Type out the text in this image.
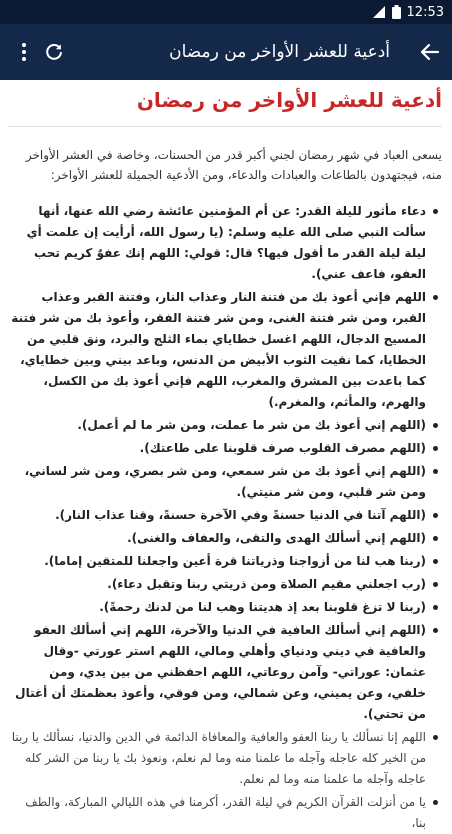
12:53
أدعية للعشر الأواخر من رمضان
أدعية للعشر الأواخر من رمضان

يسعى العباد في شهر رمضان لجني أكبر قدر من الحسنات، وخاصة في العشر الأواخر منه، فيجتهدون بالطاعات والعبادات والدعاء، ومن الأدعية الجميلة للعشر الأواخر:

دعاء مأثور لليلة القدر: عن أم المؤمنين عائشة رضي الله عنها، أنها سألت النبي صلى الله عليه وسلم: (يا رسول الله، أرأيت إن علمت أي ليلة ليلة القدر ما أقول فيها؟ قال: قولي: اللهم إنك عفوٌ كريم تحب العفو، فاعف عني).
اللهم فإني أعوذ بك من فتنة النار وعذاب النار، وفتنة القبر وعذاب القبر، ومن شر فتنة الغنى، ومن شر فتنة الفقر، وأعوذ بك من شر فتنة المسيح الدجال، اللهم اغسل خطاياي بماء الثلج والبرد، ونق قلبي من الخطايا، كما نقيت الثوب الأبيض من الدنس، وباعد بيني وبين خطاياي، كما باعدت بين المشرق والمغرب، اللهم فإني أعوذ بك من الكسل، والهرم، والمأثم، والمغرم.)
(اللهم إني أعوذ بك من شر ما عملت، ومن شر ما لم أعمل).
(اللهم مصرف القلوب صرف قلوبنا على طاعتك).
(اللهم إني أعوذ بك من شر سمعي، ومن شر بصري، ومن شر لساني، ومن شر قلبي، ومن شر منيتي).
(اللهم آتنا في الدنيا حسنةً وفي الآخرة حسنةً، وقنا عذاب النار).
(اللهم إني أسألك الهدى والتقى، والعفاف والغنى).
(ربنا هب لنا من أزواجنا وذرياتنا قرة أعين واجعلنا للمتقين إماما).
(رب اجعلني مقيم الصلاة ومن ذريتي ربنا وتقبل دعاء).
(ربنا لا تزغ قلوبنا بعد إذ هديتنا وهب لنا من لدنك رحمةً).
(اللهم إني أسألك العافية في الدنيا والآخرة، اللهم إني أسألك العفو والعافية في ديني ودنياي وأهلي ومالي، اللهم استر عورتي -وقال عثمان: عوراتي- وآمن روعاتي، اللهم احفظني من بين يدي، ومن خلفي، وعن يميني، وعن شمالي، ومن فوقي، وأعوذ بعظمتك أن أغتال من تحتي).
اللهم إنا نسألك يا ربنا العفو والعافية والمعافاة الدائمة في الدين والدنيا، نسألك يا ربنا من الخير كله عاجله وآجله ما علمنا منه وما لم نعلم، ونعوذ بك يا ربنا من الشر كله عاجله وآجله ما علمنا منه وما لم نعلم.
يا من أنزلت القرآن الكريم في ليلة القدر، أكرمنا في هذه الليالي المباركة، والطف بنا،
